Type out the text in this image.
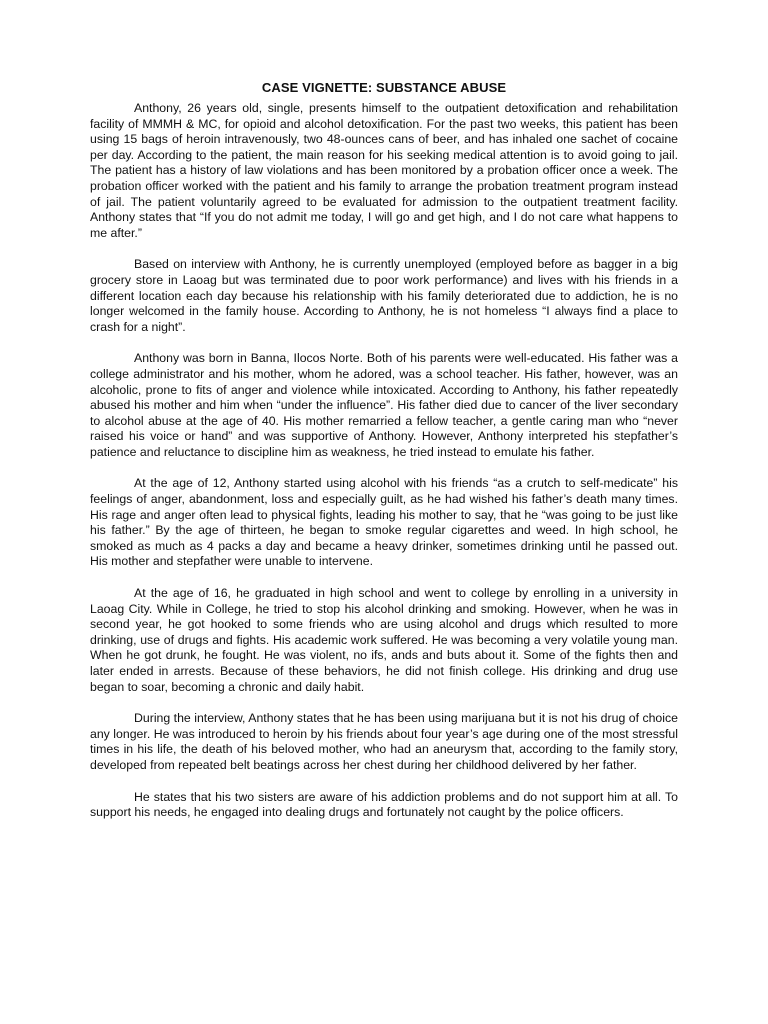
CASE VIGNETTE: SUBSTANCE ABUSE

Anthony, 26 years old, single, presents himself to the outpatient detoxification and rehabilitation facility of MMMH & MC, for opioid and alcohol detoxification. For the past two weeks, this patient has been using 15 bags of heroin intravenously, two 48-ounces cans of beer, and has inhaled one sachet of cocaine per day. According to the patient, the main reason for his seeking medical attention is to avoid going to jail. The patient has a history of law violations and has been monitored by a probation officer once a week. The probation officer worked with the patient and his family to arrange the probation treatment program instead of jail. The patient voluntarily agreed to be evaluated for admission to the outpatient treatment facility. Anthony states that “If you do not admit me today, I will go and get high, and I do not care what happens to me after.”

Based on interview with Anthony, he is currently unemployed (employed before as bagger in a big grocery store in Laoag but was terminated due to poor work performance) and lives with his friends in a different location each day because his relationship with his family deteriorated due to addiction, he is no longer welcomed in the family house. According to Anthony, he is not homeless “I always find a place to crash for a night”.

Anthony was born in Banna, Ilocos Norte. Both of his parents were well-educated. His father was a college administrator and his mother, whom he adored, was a school teacher. His father, however, was an alcoholic, prone to fits of anger and violence while intoxicated. According to Anthony, his father repeatedly abused his mother and him when “under the influence”. His father died due to cancer of the liver secondary to alcohol abuse at the age of 40. His mother remarried a fellow teacher, a gentle caring man who “never raised his voice or hand” and was supportive of Anthony. However, Anthony interpreted his stepfather’s patience and reluctance to discipline him as weakness, he tried instead to emulate his father.

At the age of 12, Anthony started using alcohol with his friends “as a crutch to self-medicate” his feelings of anger, abandonment, loss and especially guilt, as he had wished his father’s death many times. His rage and anger often lead to physical fights, leading his mother to say, that he “was going to be just like his father.” By the age of thirteen, he began to smoke regular cigarettes and weed. In high school, he smoked as much as 4 packs a day and became a heavy drinker, sometimes drinking until he passed out. His mother and stepfather were unable to intervene.

At the age of 16, he graduated in high school and went to college by enrolling in a university in Laoag City. While in College, he tried to stop his alcohol drinking and smoking. However, when he was in second year, he got hooked to some friends who are using alcohol and drugs which resulted to more drinking, use of drugs and fights. His academic work suffered. He was becoming a very volatile young man. When he got drunk, he fought. He was violent, no ifs, ands and buts about it. Some of the fights then and later ended in arrests. Because of these behaviors, he did not finish college. His drinking and drug use began to soar, becoming a chronic and daily habit.

During the interview, Anthony states that he has been using marijuana but it is not his drug of choice any longer. He was introduced to heroin by his friends about four year’s age during one of the most stressful times in his life, the death of his beloved mother, who had an aneurysm that, according to the family story, developed from repeated belt beatings across her chest during her childhood delivered by her father.

He states that his two sisters are aware of his addiction problems and do not support him at all. To support his needs, he engaged into dealing drugs and fortunately not caught by the police officers.
